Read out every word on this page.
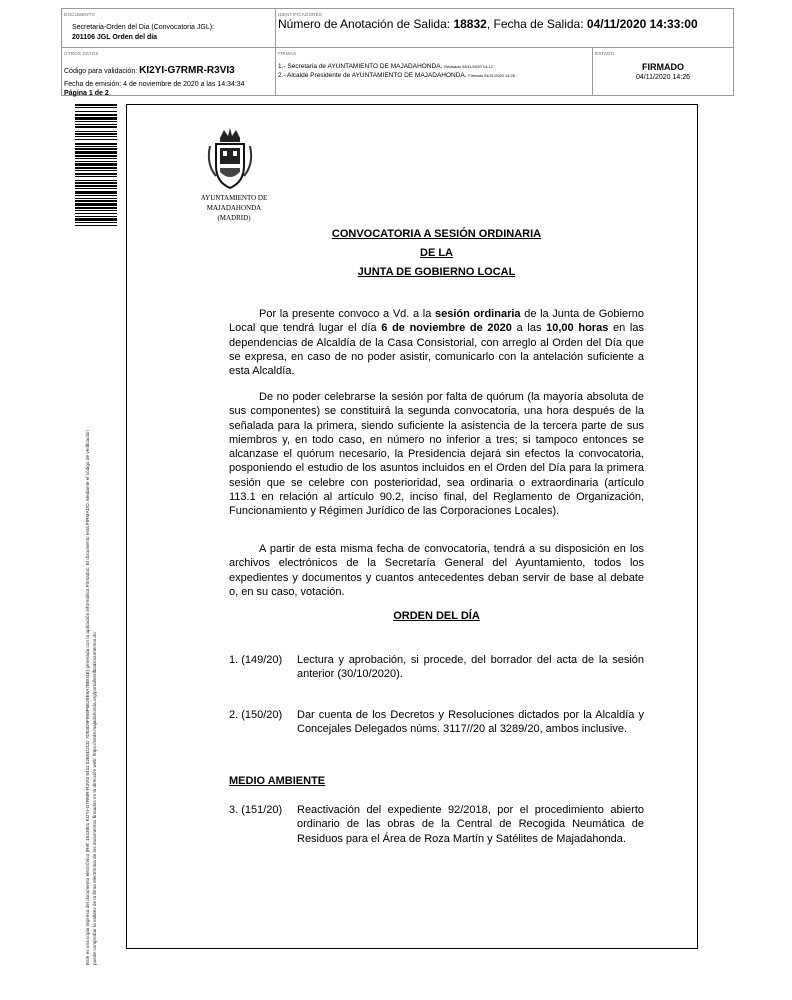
DOCUMENTO
Secretaria-Orden del Dia (Convocatoria JGL):
201106 JGL Orden del día
IDENTIFICADORES
Número de Anotación de Salida: 18832, Fecha de Salida: 04/11/2020 14:33:00
OTROS DATOS
Código para validación: KI2YI-G7RMR-R3VI3
Fecha de emisión: 4 de noviembre de 2020 a las 14:34:34
Página 1 de 2
FIRMAS
1.- Secretaria de AYUNTAMIENTO DE MAJADAHONDA. Revisado 04/11/2020 14:12
2.- Alcalde Presidente de AYUNTAMIENTO DE MAJADAHONDA. Firmado 04/11/2020 14:26
ESTADO
FIRMADO
04/11/2020 14:26
Este es una copia impresa del documento electrónico (Ref: 1543801 KI2YI-G7RMR-R3VI3 5411 02E5D2CD 7D53D9F869F6E26E9A7BE04E) generada con la aplicación informática Firmadoc. El documento está FIRMADO. Mediante el código de verificación puede comprobar la validez de la firma electrónica de los documentos firmados en la dirección web: https://sede.majadahonda.org/portal/verificaDocumentos.do
AYUNTAMIENTO DE
MAJADAHONDA
(MADRID)
CONVOCATORIA A SESIÓN ORDINARIA
DE LA
JUNTA DE GOBIERNO LOCAL
Por la presente convoco a Vd. a la sesión ordinaria de la Junta de Gobierno Local que tendrá lugar el día 6 de noviembre de 2020 a las 10,00 horas en las dependencias de Alcaldía de la Casa Consistorial, con arreglo al Orden del Día que se expresa, en caso de no poder asistir, comunicarlo con la antelación suficiente a esta Alcaldía.
De no poder celebrarse la sesión por falta de quórum (la mayoría absoluta de sus componentes) se constituirá la segunda convocatoria, una hora después de la señalada para la primera, siendo suficiente la asistencia de la tercera parte de sus miembros y, en todo caso, en número no inferior a tres; si tampoco entonces se alcanzase el quórum necesario, la Presidencia dejará sin efectos la convocatoria, posponiendo el estudio de los asuntos incluidos en el Orden del Día para la primera sesión que se celebre con posterioridad, sea ordinaria o extraordinaria (artículo 113.1 en relación al artículo 90.2, inciso final, del Reglamento de Organización, Funcionamiento y Régimen Jurídico de las Corporaciones Locales).
A partir de esta misma fecha de convocatoria, tendrá a su disposición en los archivos electrónicos de la Secretaría General del Ayuntamiento, todos los expedientes y documentos y cuantos antecedentes deban servir de base al debate o, en su caso, votación.
ORDEN DEL DÍA
1. (149/20) Lectura y aprobación, si procede, del borrador del acta de la sesión anterior (30/10/2020).
2. (150/20) Dar cuenta de los Decretos y Resoluciones dictados por la Alcaldía y Concejales Delegados núms. 3117//20 al 3289/20, ambos inclusive.
MEDIO AMBIENTE
3. (151/20) Reactivación del expediente 92/2018, por el procedimiento abierto ordinario de las obras de la Central de Recogida Neumática de Residuos para el Área de Roza Martín y Satélites de Majadahonda.
